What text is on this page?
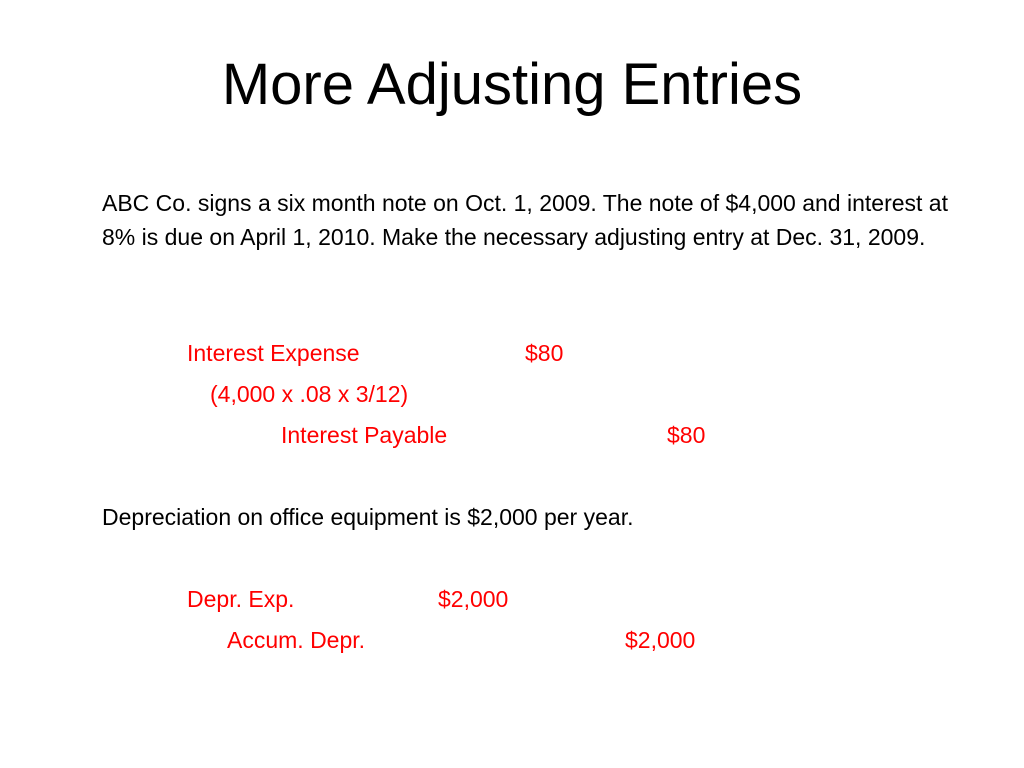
More Adjusting Entries
ABC Co. signs a six month note on Oct. 1, 2009. The note of $4,000 and interest at 8% is due on April 1, 2010. Make the necessary adjusting entry at Dec. 31, 2009.
Interest Expense	$80
(4,000 x .08 x 3/12)
Interest Payable	$80
Depreciation on office equipment is $2,000 per year.
Depr. Exp.	$2,000
Accum. Depr.	$2,000
